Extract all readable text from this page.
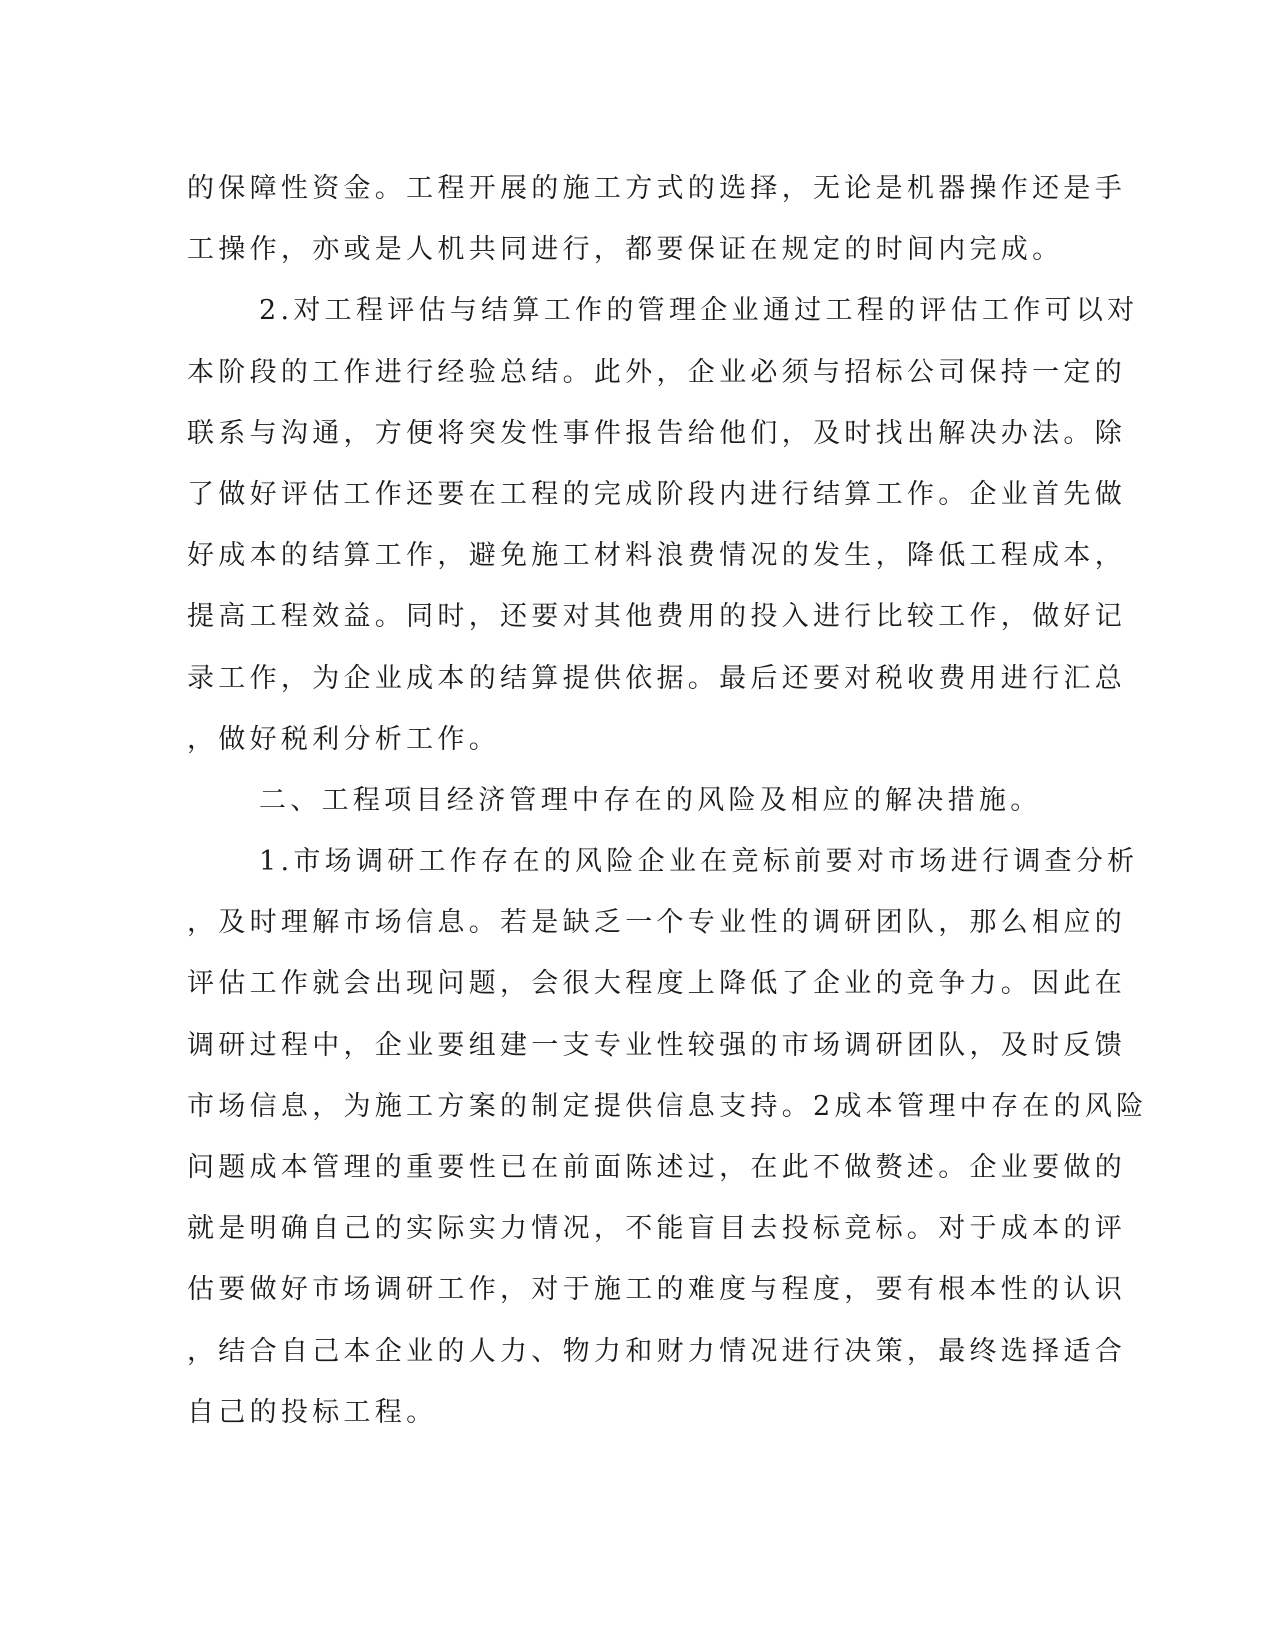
的保障性资金。工程开展的施工方式的选择，无论是机器操作还是手
工操作，亦或是人机共同进行，都要保证在规定的时间内完成。
2.对工程评估与结算工作的管理企业通过工程的评估工作可以对
本阶段的工作进行经验总结。此外，企业必须与招标公司保持一定的
联系与沟通，方便将突发性事件报告给他们，及时找出解决办法。除
了做好评估工作还要在工程的完成阶段内进行结算工作。企业首先做
好成本的结算工作，避免施工材料浪费情况的发生，降低工程成本，
提高工程效益。同时，还要对其他费用的投入进行比较工作，做好记
录工作，为企业成本的结算提供依据。最后还要对税收费用进行汇总
，做好税利分析工作。
二、工程项目经济管理中存在的风险及相应的解决措施。
1.市场调研工作存在的风险企业在竞标前要对市场进行调查分析
，及时理解市场信息。若是缺乏一个专业性的调研团队，那么相应的
评估工作就会出现问题，会很大程度上降低了企业的竞争力。因此在
调研过程中，企业要组建一支专业性较强的市场调研团队，及时反馈
市场信息，为施工方案的制定提供信息支持。2成本管理中存在的风险
问题成本管理的重要性已在前面陈述过，在此不做赘述。企业要做的
就是明确自己的实际实力情况，不能盲目去投标竞标。对于成本的评
估要做好市场调研工作，对于施工的难度与程度，要有根本性的认识
，结合自己本企业的人力、物力和财力情况进行决策，最终选择适合
自己的投标工程。
